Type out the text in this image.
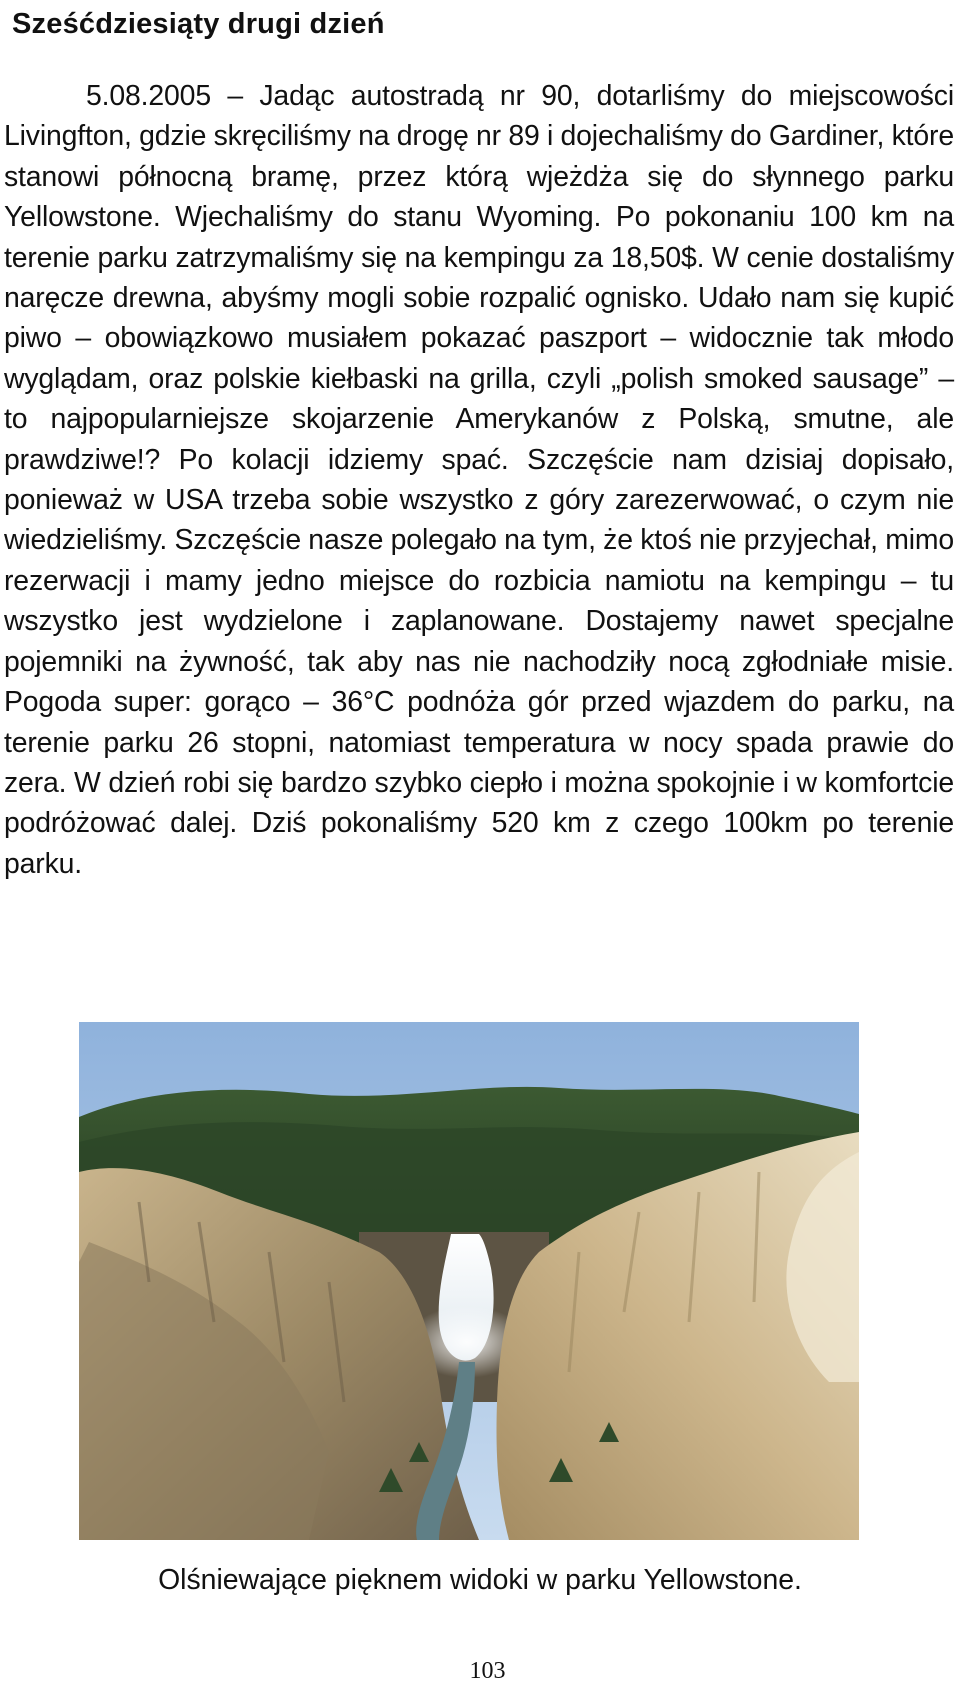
Sześćdziesiąty drugi dzień

5.08.2005 – Jadąc autostradą nr 90, dotarliśmy do miejscowości Livingfton, gdzie skręciliśmy na drogę nr 89 i dojechaliśmy do Gardiner, które stanowi północną bramę, przez którą wjeżdża się do słynnego parku Yellowstone. Wjechaliśmy do stanu Wyoming. Po pokonaniu 100 km na terenie parku zatrzymaliśmy się na kempingu za 18,50$. W cenie dostaliśmy naręcze drewna, abyśmy mogli sobie rozpalić ognisko. Udało nam się kupić piwo – obowiązkowo musiałem pokazać paszport – widocznie tak młodo wyglądam, oraz polskie kiełbaski na grilla, czyli „polish smoked sausage” – to najpopularniejsze skojarzenie Amerykanów z Polską, smutne, ale prawdziwe!? Po kolacji idziemy spać. Szczęście nam dzisiaj dopisało, ponieważ w USA trzeba sobie wszystko z góry zarezerwować, o czym nie wiedzieliśmy. Szczęście nasze polegało na tym, że ktoś nie przyjechał, mimo rezerwacji i mamy jedno miejsce do rozbicia namiotu na kempingu – tu wszystko jest wydzielone i zaplanowane. Dostajemy nawet specjalne pojemniki na żywność, tak aby nas nie nachodziły nocą zgłodniałe misie. Pogoda super: gorąco – 36°C podnóża gór przed wjazdem do parku, na terenie parku 26 stopni, natomiast temperatura w nocy spada prawie do zera. W dzień robi się bardzo szybko ciepło i można spokojnie i w komfortcie podróżować dalej. Dziś pokonaliśmy 520 km z czego 100km po terenie parku.

Olśniewające pięknem widoki w parku Yellowstone.

103
